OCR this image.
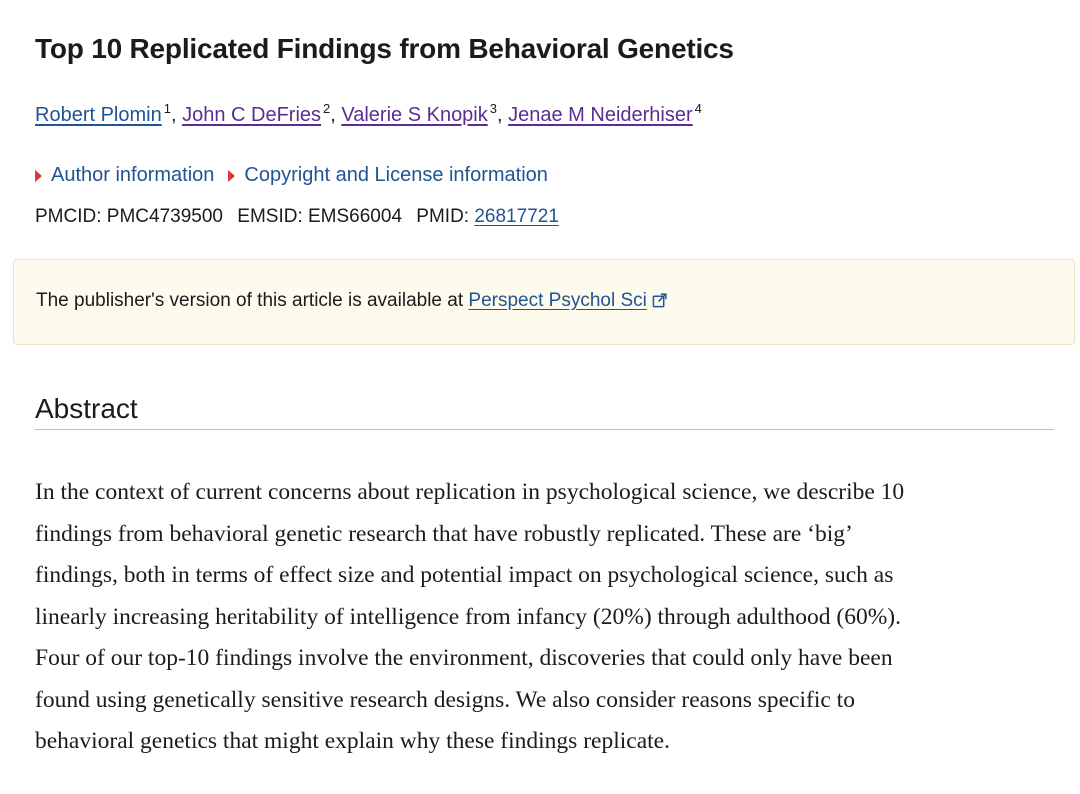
Top 10 Replicated Findings from Behavioral Genetics
Robert Plomin $^1$, John C DeFries $^2$, Valerie S Knopik $^3$, Jenae M Neiderhiser $^4$
Author information Copyright and License information
PMCID: PMC4739500 EMSID: EMS66004 PMID: 26817721
The publisher's version of this article is available at Perspect Psychol Sci
Abstract

In the context of current concerns about replication in psychological science, we describe 10
findings from behavioral genetic research that have robustly replicated. These are ‘big’
findings, both in terms of effect size and potential impact on psychological science, such as
linearly increasing heritability of intelligence from infancy (20%) through adulthood (60%).
Four of our top-10 findings involve the environment, discoveries that could only have been
found using genetically sensitive research designs. We also consider reasons specific to
behavioral genetics that might explain why these findings replicate.
